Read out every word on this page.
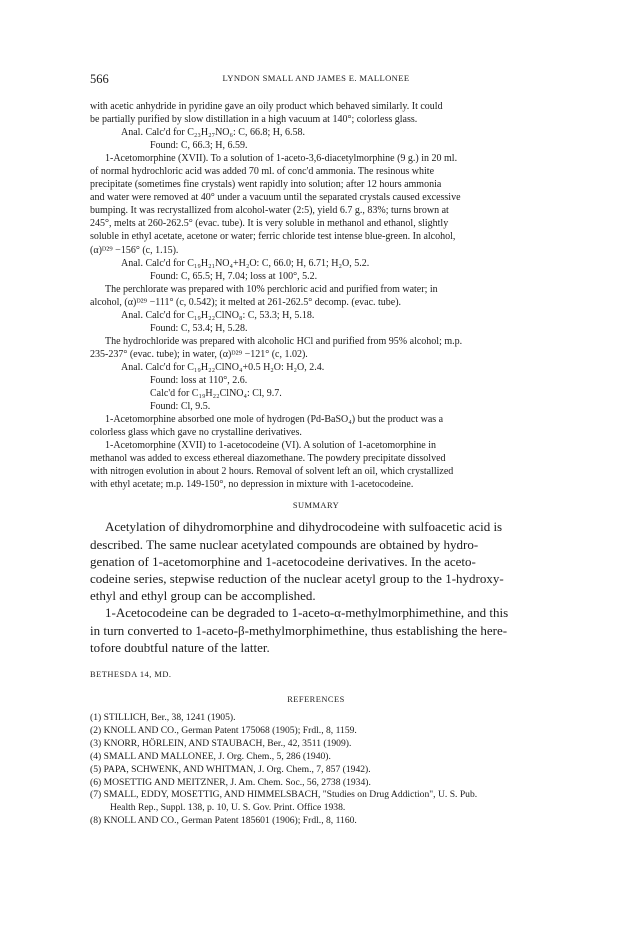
566	LYNDON SMALL AND JAMES E. MALLONEE
with acetic anhydride in pyridine gave an oily product which behaved similarly. It could
be partially purified by slow distillation in a high vacuum at 140°; colorless glass.
Anal. Calc'd for C₂₃H₂₇NO₆: C, 66.8; H, 6.58.
Found: C, 66.3; H, 6.59.
1-Acetomorphine (XVII). To a solution of 1-aceto-3,6-diacetylmorphine (9 g.) in 20 ml.
of normal hydrochloric acid was added 70 ml. of conc'd ammonia. The resinous white
precipitate (sometimes fine crystals) went rapidly into solution; after 12 hours ammonia
and water were removed at 40° under a vacuum until the separated crystals caused excessive
bumping. It was recrystallized from alcohol-water (2:5), yield 6.7 g., 83%; turns brown at
245°, melts at 260-262.5° (evac. tube). It is very soluble in methanol and ethanol, slightly
soluble in ethyl acetate, acetone or water; ferric chloride test intense blue-green. In alcohol,
(α)ᴰ²⁹ −156° (c, 1.15).
Anal. Calc'd for C₁₉H₂₁NO₄+H₂O: C, 66.0; H, 6.71; H₂O, 5.2.
Found: C, 65.5; H, 7.04; loss at 100°, 5.2.
The perchlorate was prepared with 10% perchloric acid and purified from water; in
alcohol, (α)ᴰ²⁹ −111° (c, 0.542); it melted at 261-262.5° decomp. (evac. tube).
Anal. Calc'd for C₁₉H₂₂ClNO₈: C, 53.3; H, 5.18.
Found: C, 53.4; H, 5.28.
The hydrochloride was prepared with alcoholic HCl and purified from 95% alcohol; m.p.
235-237° (evac. tube); in water, (α)ᴰ²⁹ −121° (c, 1.02).
Anal. Calc'd for C₁₉H₂₂ClNO₄+0.5 H₂O: H₂O, 2.4.
Found: loss at 110°, 2.6.
Calc'd for C₁₉H₂₂ClNO₄: Cl, 9.7.
Found: Cl, 9.5.
1-Acetomorphine absorbed one mole of hydrogen (Pd-BaSO₄) but the product was a
colorless glass which gave no crystalline derivatives.
1-Acetomorphine (XVII) to 1-acetocodeine (VI). A solution of 1-acetomorphine in
methanol was added to excess ethereal diazomethane. The powdery precipitate dissolved
with nitrogen evolution in about 2 hours. Removal of solvent left an oil, which crystallized
with ethyl acetate; m.p. 149-150°, no depression in mixture with 1-acetocodeine.
SUMMARY
Acetylation of dihydromorphine and dihydrocodeine with sulfoacetic acid is
described. The same nuclear acetylated compounds are obtained by hydro-
genation of 1-acetomorphine and 1-acetocodeine derivatives. In the aceto-
codeine series, stepwise reduction of the nuclear acetyl group to the 1-hydroxy-
ethyl and ethyl group can be accomplished.
1-Acetocodeine can be degraded to 1-aceto-α-methylmorphimethine, and this
in turn converted to 1-aceto-β-methylmorphimethine, thus establishing the here-
tofore doubtful nature of the latter.
BETHESDA 14, MD.
REFERENCES
(1) STILLICH, Ber., 38, 1241 (1905).
(2) KNOLL AND CO., German Patent 175068 (1905); Frdl., 8, 1159.
(3) KNORR, HÖRLEIN, AND STAUBACH, Ber., 42, 3511 (1909).
(4) SMALL AND MALLONEE, J. Org. Chem., 5, 286 (1940).
(5) PAPA, SCHWENK, AND WHITMAN, J. Org. Chem., 7, 857 (1942).
(6) MOSETTIG AND MEITZNER, J. Am. Chem. Soc., 56, 2738 (1934).
(7) SMALL, EDDY, MOSETTIG, AND HIMMELSBACH, "Studies on Drug Addiction", U. S. Pub.
Health Rep., Suppl. 138, p. 10, U. S. Gov. Print. Office 1938.
(8) KNOLL AND CO., German Patent 185601 (1906); Frdl., 8, 1160.
